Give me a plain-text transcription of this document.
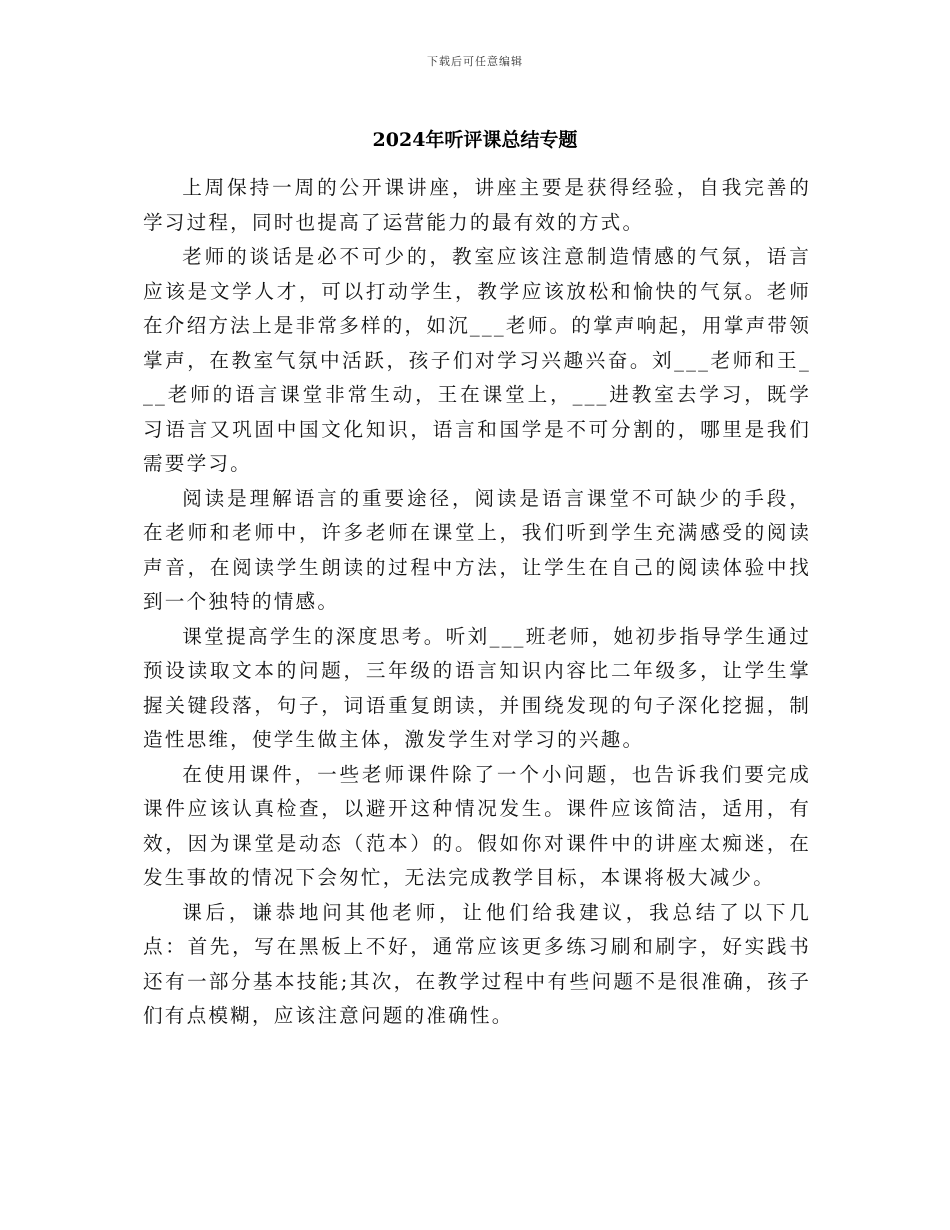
下载后可任意编辑
2024年听评课总结专题

上周保持一周的公开课讲座，讲座主要是获得经验，自我完善的学习过程，同时也提高了运营能力的最有效的方式。

老师的谈话是必不可少的，教室应该注意制造情感的气氛，语言应该是文学人才，可以打动学生，教学应该放松和愉快的气氛。老师在介绍方法上是非常多样的，如沉___老师。的掌声响起，用掌声带领掌声，在教室气氛中活跃，孩子们对学习兴趣兴奋。刘___老师和王___老师的语言课堂非常生动，王在课堂上，___进教室去学习，既学习语言又巩固中国文化知识，语言和国学是不可分割的，哪里是我们需要学习。

阅读是理解语言的重要途径，阅读是语言课堂不可缺少的手段，在老师和老师中，许多老师在课堂上，我们听到学生充满感受的阅读声音，在阅读学生朗读的过程中方法，让学生在自己的阅读体验中找到一个独特的情感。

课堂提高学生的深度思考。听刘___班老师，她初步指导学生通过预设读取文本的问题，三年级的语言知识内容比二年级多，让学生掌握关键段落，句子，词语重复朗读，并围绕发现的句子深化挖掘，制造性思维，使学生做主体，激发学生对学习的兴趣。

在使用课件，一些老师课件除了一个小问题，也告诉我们要完成课件应该认真检查，以避开这种情况发生。课件应该简洁，适用，有效，因为课堂是动态（范本）的。假如你对课件中的讲座太痴迷，在发生事故的情况下会匆忙，无法完成教学目标，本课将极大减少。

课后，谦恭地问其他老师，让他们给我建议，我总结了以下几点：首先，写在黑板上不好，通常应该更多练习刷和刷字，好实践书还有一部分基本技能;其次，在教学过程中有些问题不是很准确，孩子们有点模糊，应该注意问题的准确性。
